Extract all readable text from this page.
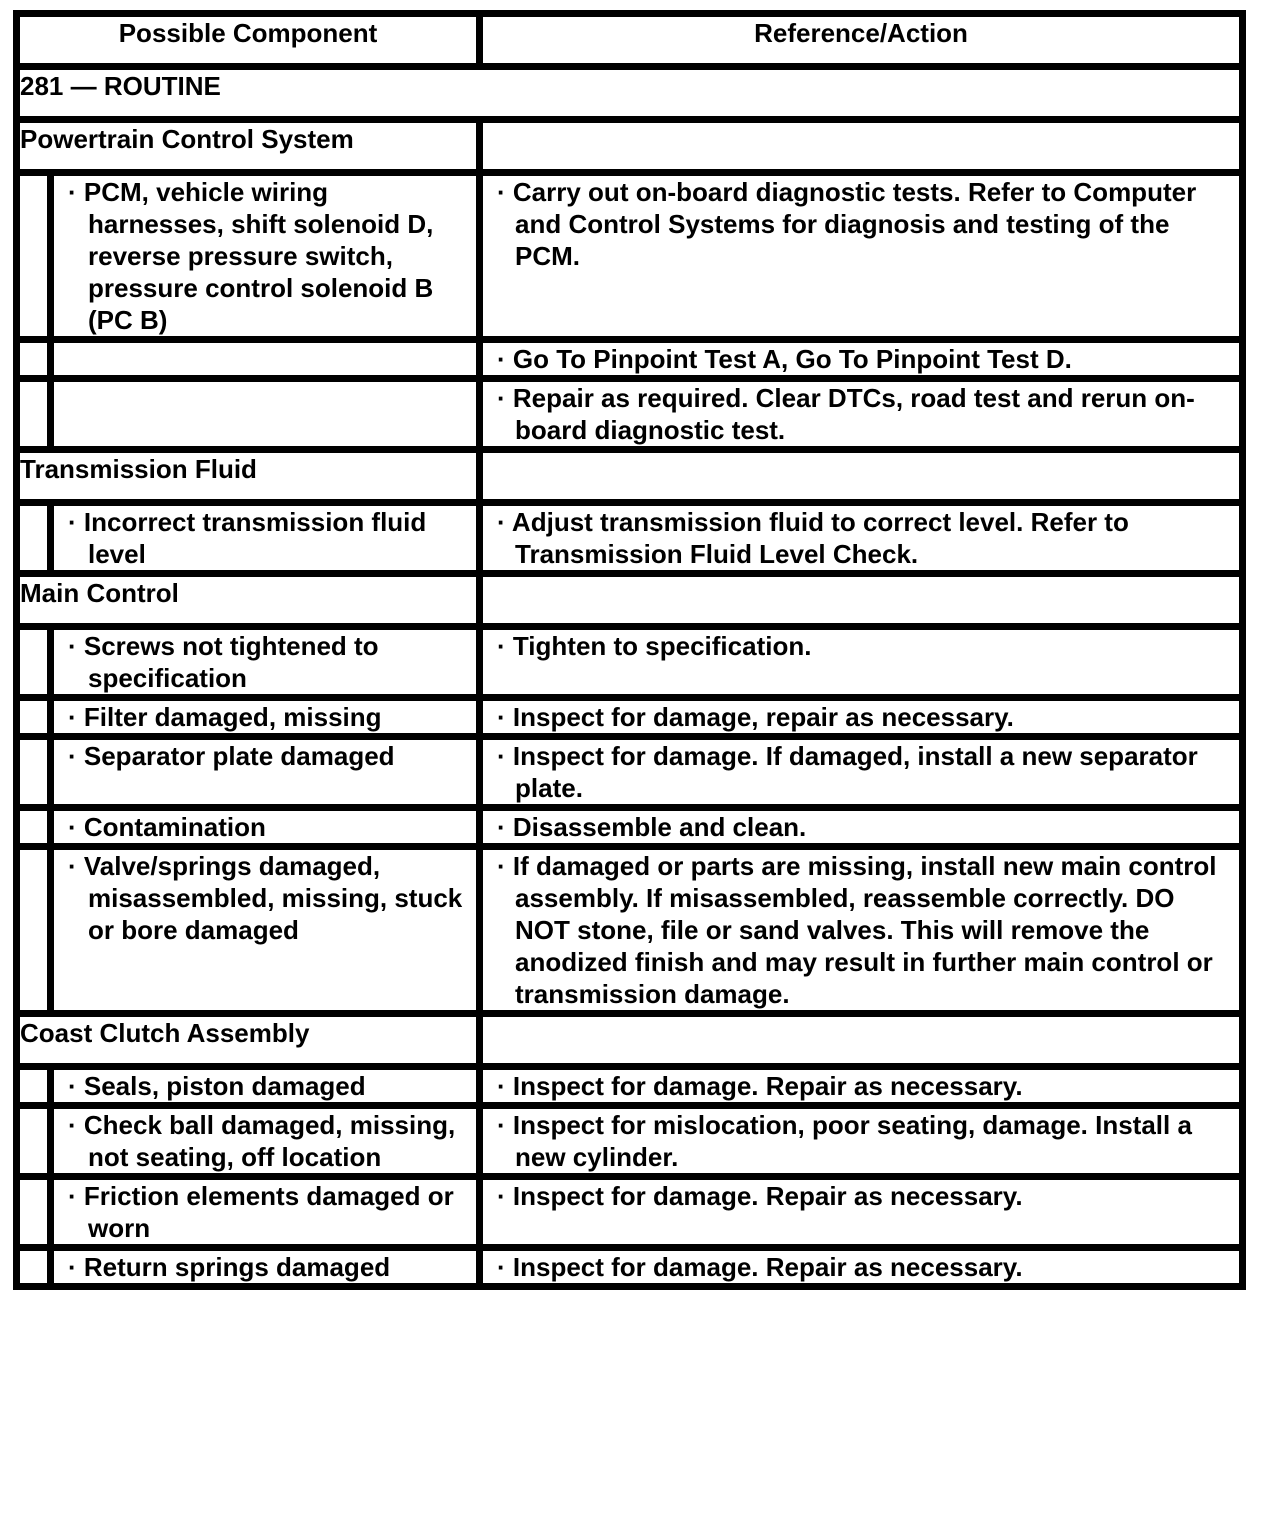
Possible Component		Reference/Action
281 — ROUTINE		
Powertrain Control System		

	· PCM, vehicle wiring harnesses, shift solenoid D, reverse pressure switch, pressure control solenoid B (PC B)	· Carry out on-board diagnostic tests. Refer to Computer and Control Systems for diagnosis and testing of the PCM.

		· Go To Pinpoint Test A, Go To Pinpoint Test D.

		· Repair as required. Clear DTCs, road test and rerun on-board diagnostic test.

Transmission Fluid		

	· Incorrect transmission fluid level	· Adjust transmission fluid to correct level. Refer to Transmission Fluid Level Check.

Main Control		

	· Screws not tightened to specification	· Tighten to specification.

	· Filter damaged, missing	· Inspect for damage, repair as necessary.

	· Separator plate damaged	· Inspect for damage. If damaged, install a new separator plate.

	· Contamination	· Disassemble and clean.

	· Valve/springs damaged, misassembled, missing, stuck or bore damaged	· If damaged or parts are missing, install new main control assembly. If misassembled, reassemble correctly. DO NOT stone, file or sand valves. This will remove the anodized finish and may result in further main control or transmission damage.

Coast Clutch Assembly		

	· Seals, piston damaged	· Inspect for damage. Repair as necessary.

	· Check ball damaged, missing, not seating, off location	· Inspect for mislocation, poor seating, damage. Install a new cylinder.

	· Friction elements damaged or worn	· Inspect for damage. Repair as necessary.

	· Return springs damaged	· Inspect for damage. Repair as necessary.
